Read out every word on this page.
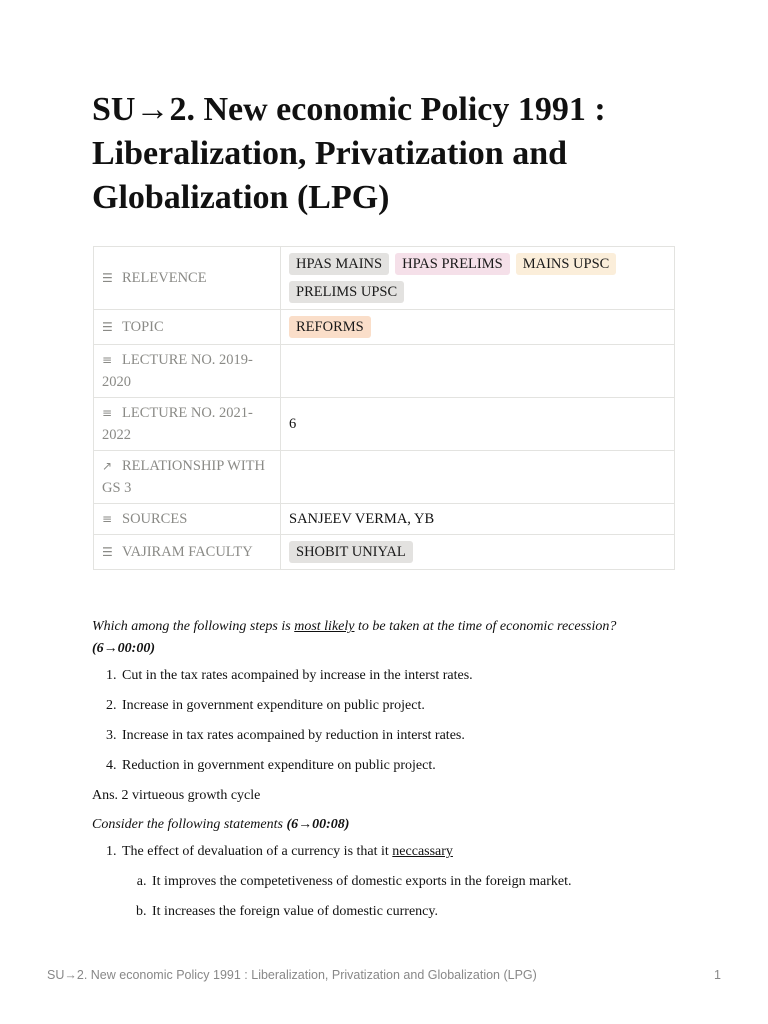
SU→2. New economic Policy 1991 : Liberalization, Privatization and Globalization (LPG)
☰ RELEVENCE	HPAS MAINS HPAS PRELIMS MAINS UPSCPRELIMS UPSC
☰ TOPIC	REFORMS
≡ LECTURE NO. 2019-2020	
≡ LECTURE NO. 2021-2022	6
↗ RELATIONSHIP WITH GS 3	
≡ SOURCES	SANJEEV VERMA, YB
☰ VAJIRAM FACULTY	SHOBIT UNIYAL

Which among the following steps is most likely to be taken at the time of economic recession?
(6→00:00)

1. Cut in the tax rates acompained by increase in the interst rates.
2. Increase in government expenditure on public project.
3. Increase in tax rates acompained by reduction in interst rates.
4. Reduction in government expenditure on public project.

Ans. 2 virtueous growth cycle

Consider the following statements (6→00:08)

1. The effect of devaluation of a currency is that it neccassary
a. It improves the competetiveness of domestic exports in the foreign market.
b. It increases the foreign value of domestic currency.
SU→2. New economic Policy 1991 : Liberalization, Privatization and Globalization (LPG)	1
